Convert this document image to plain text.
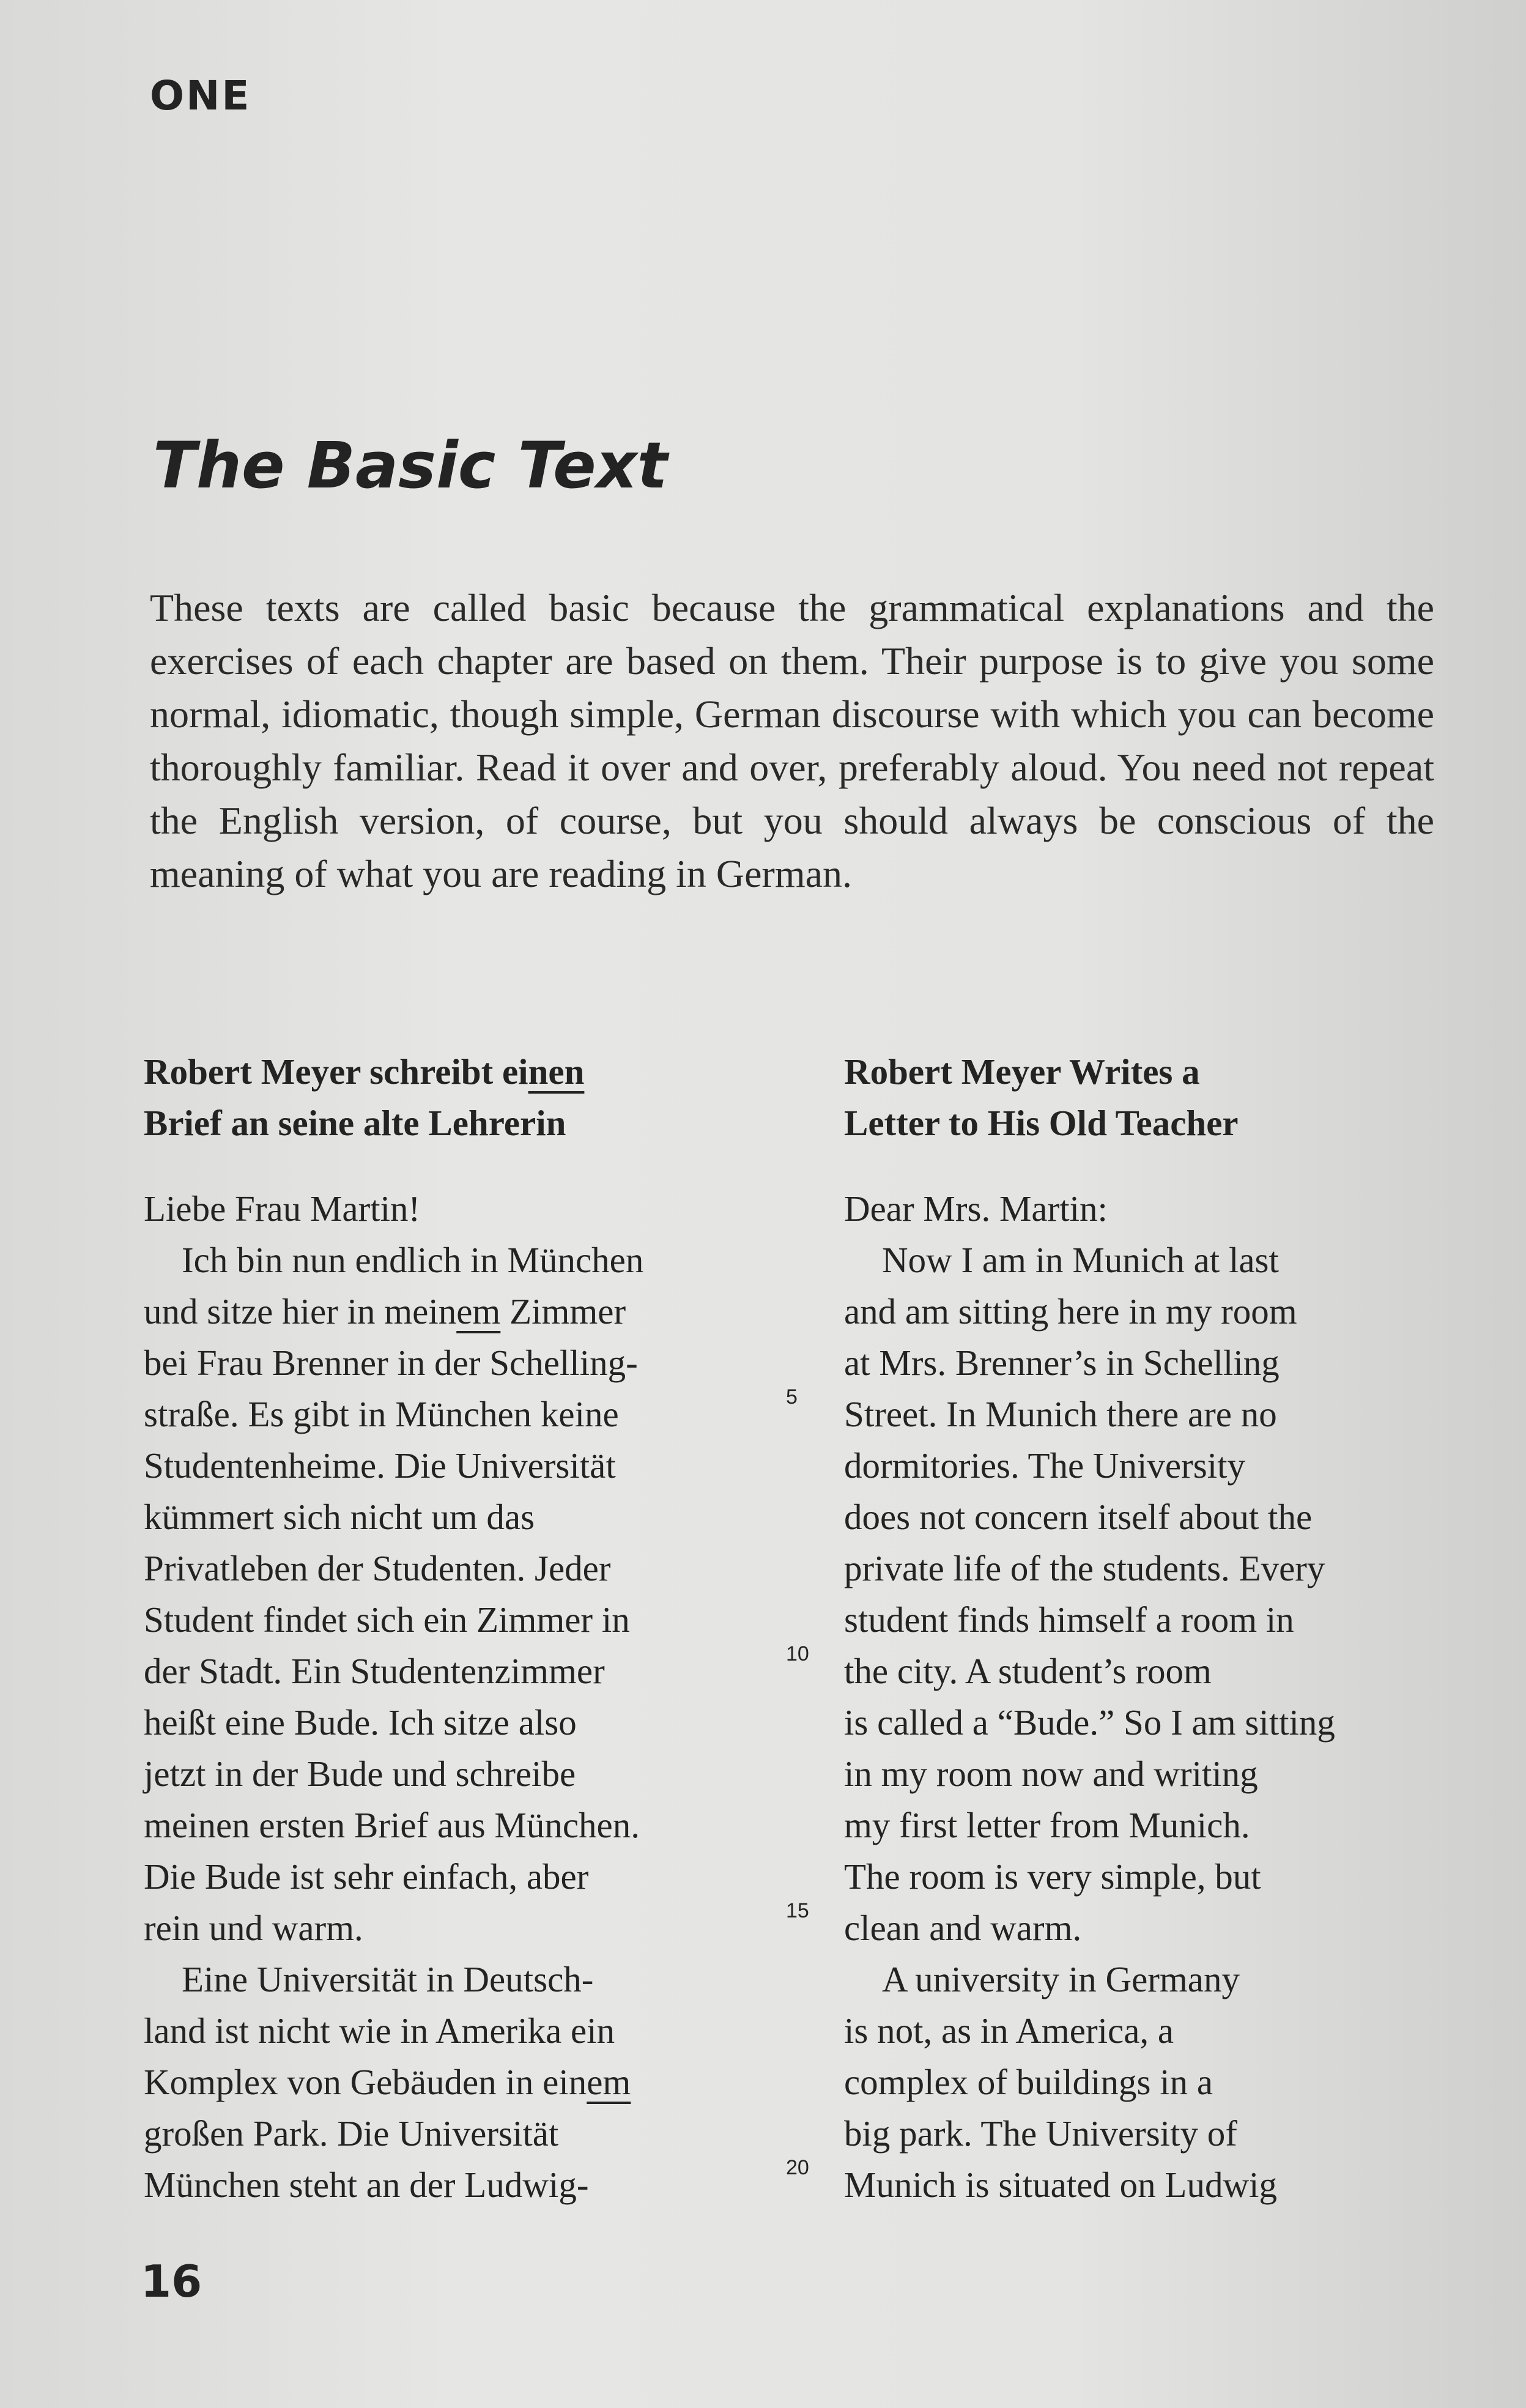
ONE
The Basic Text

These texts are called basic because the grammatical explanations and the exercises of each chapter are based on them. Their purpose is to give you some normal, idiomatic, though simple, German discourse with which you can become thoroughly familiar. Read it over and over, preferably aloud. You need not repeat the English version, of course, but you should always be conscious of the meaning of what you are reading in German.

Robert Meyer schreibt einen
Brief an seine alte Lehrerin
Liebe Frau Martin!
Ich bin nun endlich in München
und sitze hier in meinem Zimmer
bei Frau Brenner in der Schelling-
straße. Es gibt in München keine
Studentenheime. Die Universität
kümmert sich nicht um das
Privatleben der Studenten. Jeder
Student findet sich ein Zimmer in
der Stadt. Ein Studentenzimmer
heißt eine Bude. Ich sitze also
jetzt in der Bude und schreibe
meinen ersten Brief aus München.
Die Bude ist sehr einfach, aber
rein und warm.
Eine Universität in Deutsch-
land ist nicht wie in Amerika ein
Komplex von Gebäuden in einem
großen Park. Die Universität
München steht an der Ludwig-
5
10
15
20
Robert Meyer Writes a
Letter to His Old Teacher
Dear Mrs. Martin:
Now I am in Munich at last
and am sitting here in my room
at Mrs. Brenner’s in Schelling
Street. In Munich there are no
dormitories. The University
does not concern itself about the
private life of the students. Every
student finds himself a room in
the city. A student’s room
is called a “Bude.” So I am sitting
in my room now and writing
my first letter from Munich.
The room is very simple, but
clean and warm.
A university in Germany
is not, as in America, a
complex of buildings in a
big park. The University of
Munich is situated on Ludwig
16
